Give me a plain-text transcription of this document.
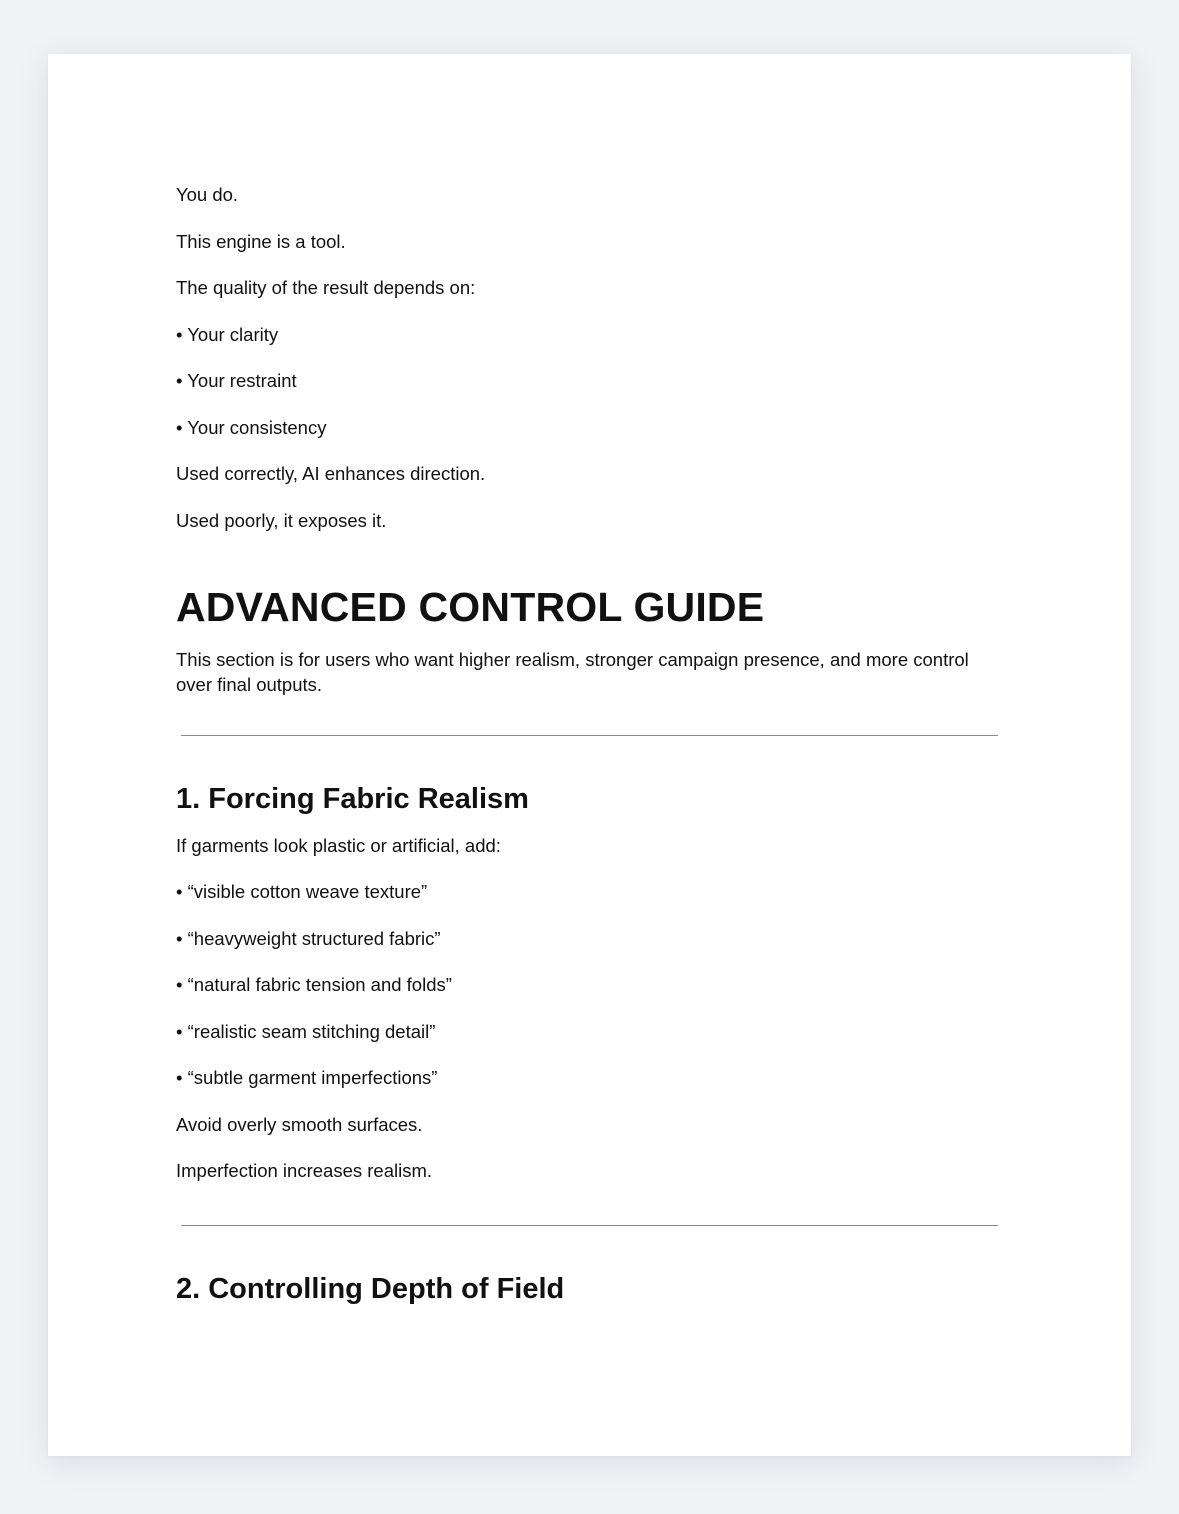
You do.

This engine is a tool.

The quality of the result depends on:

• Your clarity

• Your restraint

• Your consistency

Used correctly, AI enhances direction.

Used poorly, it exposes it.

ADVANCED CONTROL GUIDE

This section is for users who want higher realism, stronger campaign presence, and more control over final outputs.

1. Forcing Fabric Realism

If garments look plastic or artificial, add:

• “visible cotton weave texture”

• “heavyweight structured fabric”

• “natural fabric tension and folds”

• “realistic seam stitching detail”

• “subtle garment imperfections”

Avoid overly smooth surfaces.

Imperfection increases realism.

2. Controlling Depth of Field
